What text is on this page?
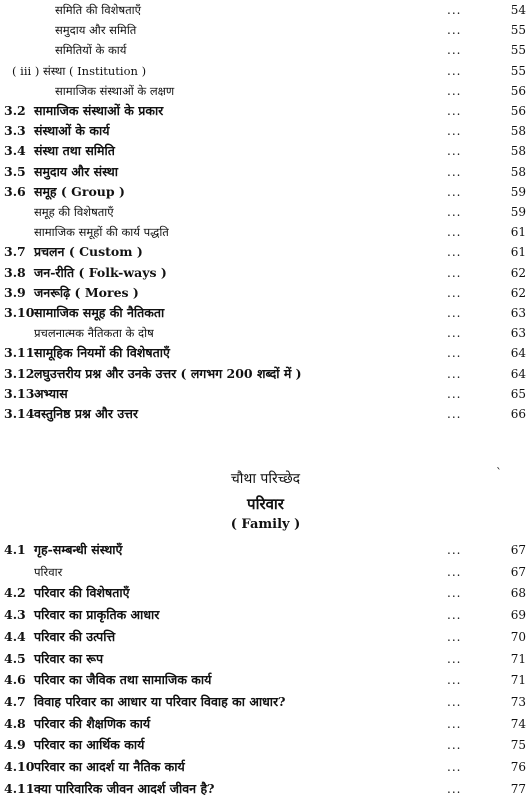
समिति की विशेषताएँ	...	54
समुदाय और समिति	...	55
समितियों के कार्य	...	55
( iii ) संस्था ( Institution )	...	55
सामाजिक संस्थाओं के लक्षण	...	56
3.2 सामाजिक संस्थाओं के प्रकार	...	56
3.3 संस्थाओं के कार्य	...	58
3.4 संस्था तथा समिति	...	58
3.5 समुदाय और संस्था	...	58
3.6 समूह ( Group )	...	59
समूह की विशेषताएँ	...	59
सामाजिक समूहों की कार्य पद्धति	...	61
3.7 प्रचलन ( Custom )	...	61
3.8 जन-रीति ( Folk-ways )	...	62
3.9 जनरूढ़ि ( Mores )	...	62
3.10 सामाजिक समूह की नैतिकता	...	63
प्रचलनात्मक नैतिकता के दोष	...	63
3.11 सामूहिक नियमों की विशेषताएँ	...	64
3.12 लघुउत्तरीय प्रश्न और उनके उत्तर ( लगभग 200 शब्दों में )	...	64
3.13 अभ्यास	...	65
3.14 वस्तुनिष्ठ प्रश्न और उत्तर	...	66
चौथा परिच्छेद
परिवार
( Family )
`
4.1 गृह-सम्बन्धी संस्थाएँ	...	67
परिवार	...	67
4.2 परिवार की विशेषताएँ	...	68
4.3 परिवार का प्राकृतिक आधार	...	69
4.4 परिवार की उत्पत्ति	...	70
4.5 परिवार का रूप	...	71
4.6 परिवार का जैविक तथा सामाजिक कार्य	...	71
4.7 विवाह परिवार का आधार या परिवार विवाह का आधार?	...	73
4.8 परिवार की शैक्षणिक कार्य	...	74
4.9 परिवार का आर्थिक कार्य	...	75
4.10 परिवार का आदर्श या नैतिक कार्य	...	76
4.11 क्या पारिवारिक जीवन आदर्श जीवन है?	...	77
